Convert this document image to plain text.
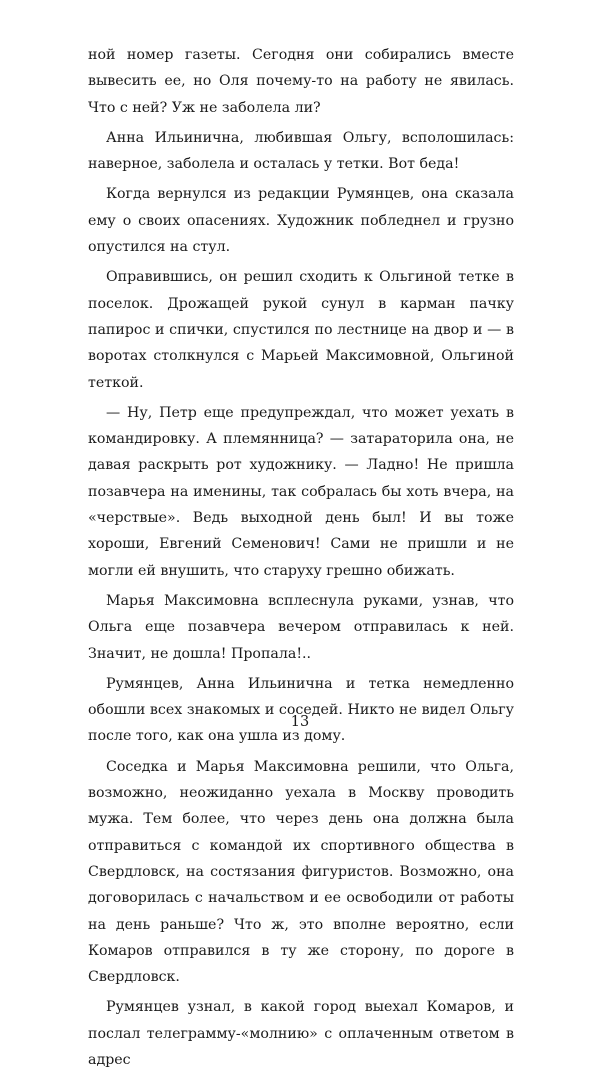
ной номер газеты. Сегодня они собирались вместе вывесить ее, но Оля почему-то на работу не явилась. Что с ней? Уж не заболела ли?

Анна Ильинична, любившая Ольгу, всполошилась: наверное, заболела и осталась у тетки. Вот беда!

Когда вернулся из редакции Румянцев, она сказала ему о своих опасениях. Художник побледнел и грузно опустился на стул.

Оправившись, он решил сходить к Ольгиной тетке в поселок. Дрожащей рукой сунул в карман пачку папирос и спички, спустился по лестнице на двор и — в воротах столкнулся с Марьей Максимовной, Ольгиной теткой.

— Ну, Петр еще предупреждал, что может уехать в командировку. А племянница? — затараторила она, не давая раскрыть рот художнику. — Ладно! Не пришла позавчера на именины, так собралась бы хоть вчера, на «черствые». Ведь выходной день был! И вы тоже хороши, Евгений Семенович! Сами не пришли и не могли ей внушить, что старуху грешно обижать.

Марья Максимовна всплеснула руками, узнав, что Ольга еще позавчера вечером отправилась к ней. Значит, не дошла! Пропала!..

Румянцев, Анна Ильинична и тетка немедленно обошли всех знакомых и соседей. Никто не видел Ольгу после того, как она ушла из дому.

Соседка и Марья Максимовна решили, что Ольга, возможно, неожиданно уехала в Москву проводить мужа. Тем более, что через день она должна была отправиться с командой их спортивного общества в Свердловск, на состязания фигуристов. Возможно, она договорилась с начальством и ее освободили от работы на день раньше? Что ж, это вполне вероятно, если Комаров отправился в ту же сторону, по дороге в Свердловск.

Румянцев узнал, в какой город выехал Комаров, и послал телеграмму-«молнию» с оплаченным ответом в адрес

13
